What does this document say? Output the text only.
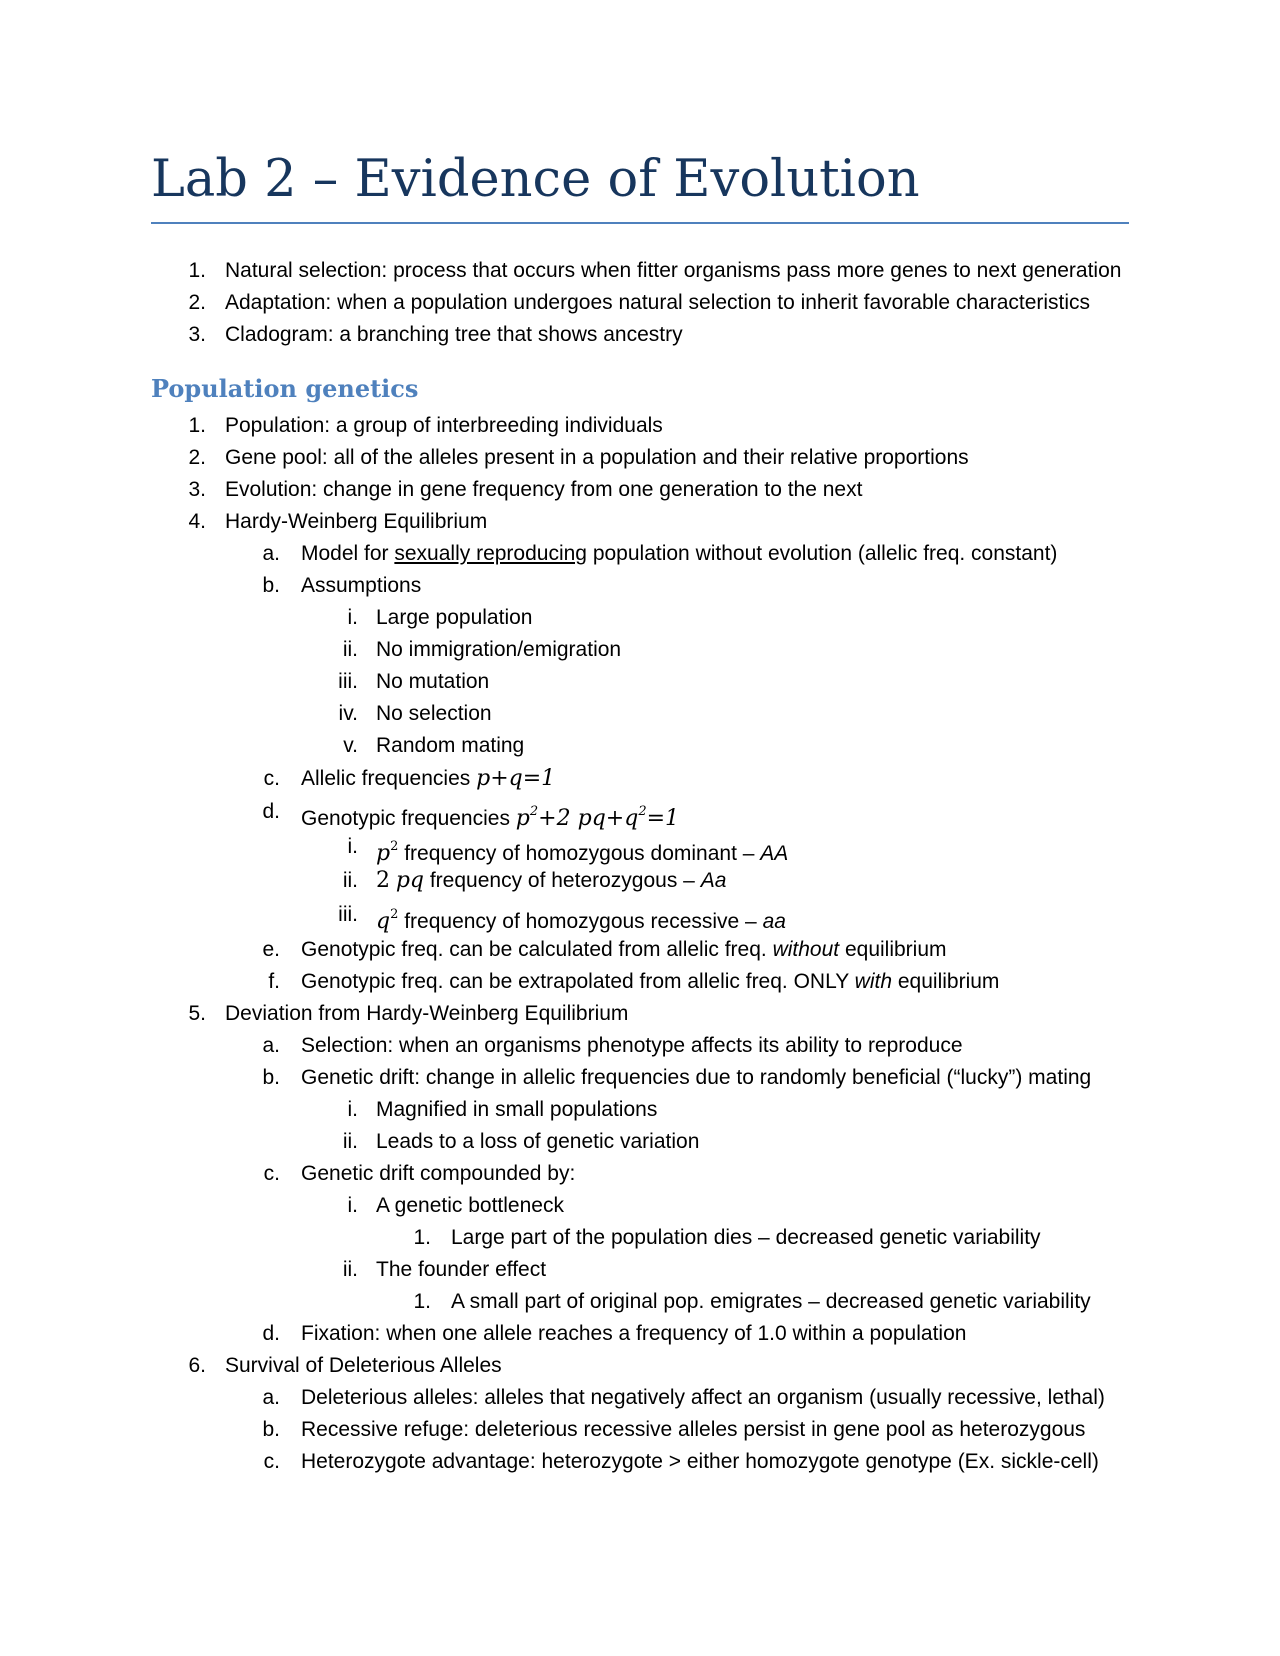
Lab 2 – Evidence of Evolution
1. Natural selection: process that occurs when fitter organisms pass more genes to next generation
2. Adaptation: when a population undergoes natural selection to inherit favorable characteristics
3. Cladogram: a branching tree that shows ancestry
Population genetics
1. Population: a group of interbreeding individuals
2. Gene pool: all of the alleles present in a population and their relative proportions
3. Evolution: change in gene frequency from one generation to the next
4. Hardy-Weinberg Equilibrium
a. Model for sexually reproducing population without evolution (allelic freq. constant)
b. Assumptions
i. Large population
ii. No immigration/emigration
iii. No mutation
iv. No selection
v. Random mating
c. Allelic frequencies p+q=1
d. Genotypic frequencies $p^2+2$ $pq+q^2=1$
i. $p^2$ frequency of homozygous dominant – AA
ii. 2 pq frequency of heterozygous – Aa
iii. $q^2$ frequency of homozygous recessive – aa
e. Genotypic freq. can be calculated from allelic freq. without equilibrium
f. Genotypic freq. can be extrapolated from allelic freq. ONLY with equilibrium
5. Deviation from Hardy-Weinberg Equilibrium
a. Selection: when an organisms phenotype affects its ability to reproduce
b. Genetic drift: change in allelic frequencies due to randomly beneficial (“lucky”) mating
i. Magnified in small populations
ii. Leads to a loss of genetic variation
c. Genetic drift compounded by:
i. A genetic bottleneck
1. Large part of the population dies – decreased genetic variability
ii. The founder effect
1. A small part of original pop. emigrates – decreased genetic variability
d. Fixation: when one allele reaches a frequency of 1.0 within a population
6. Survival of Deleterious Alleles
a. Deleterious alleles: alleles that negatively affect an organism (usually recessive, lethal)
b. Recessive refuge: deleterious recessive alleles persist in gene pool as heterozygous
c. Heterozygote advantage: heterozygote > either homozygote genotype (Ex. sickle-cell)
